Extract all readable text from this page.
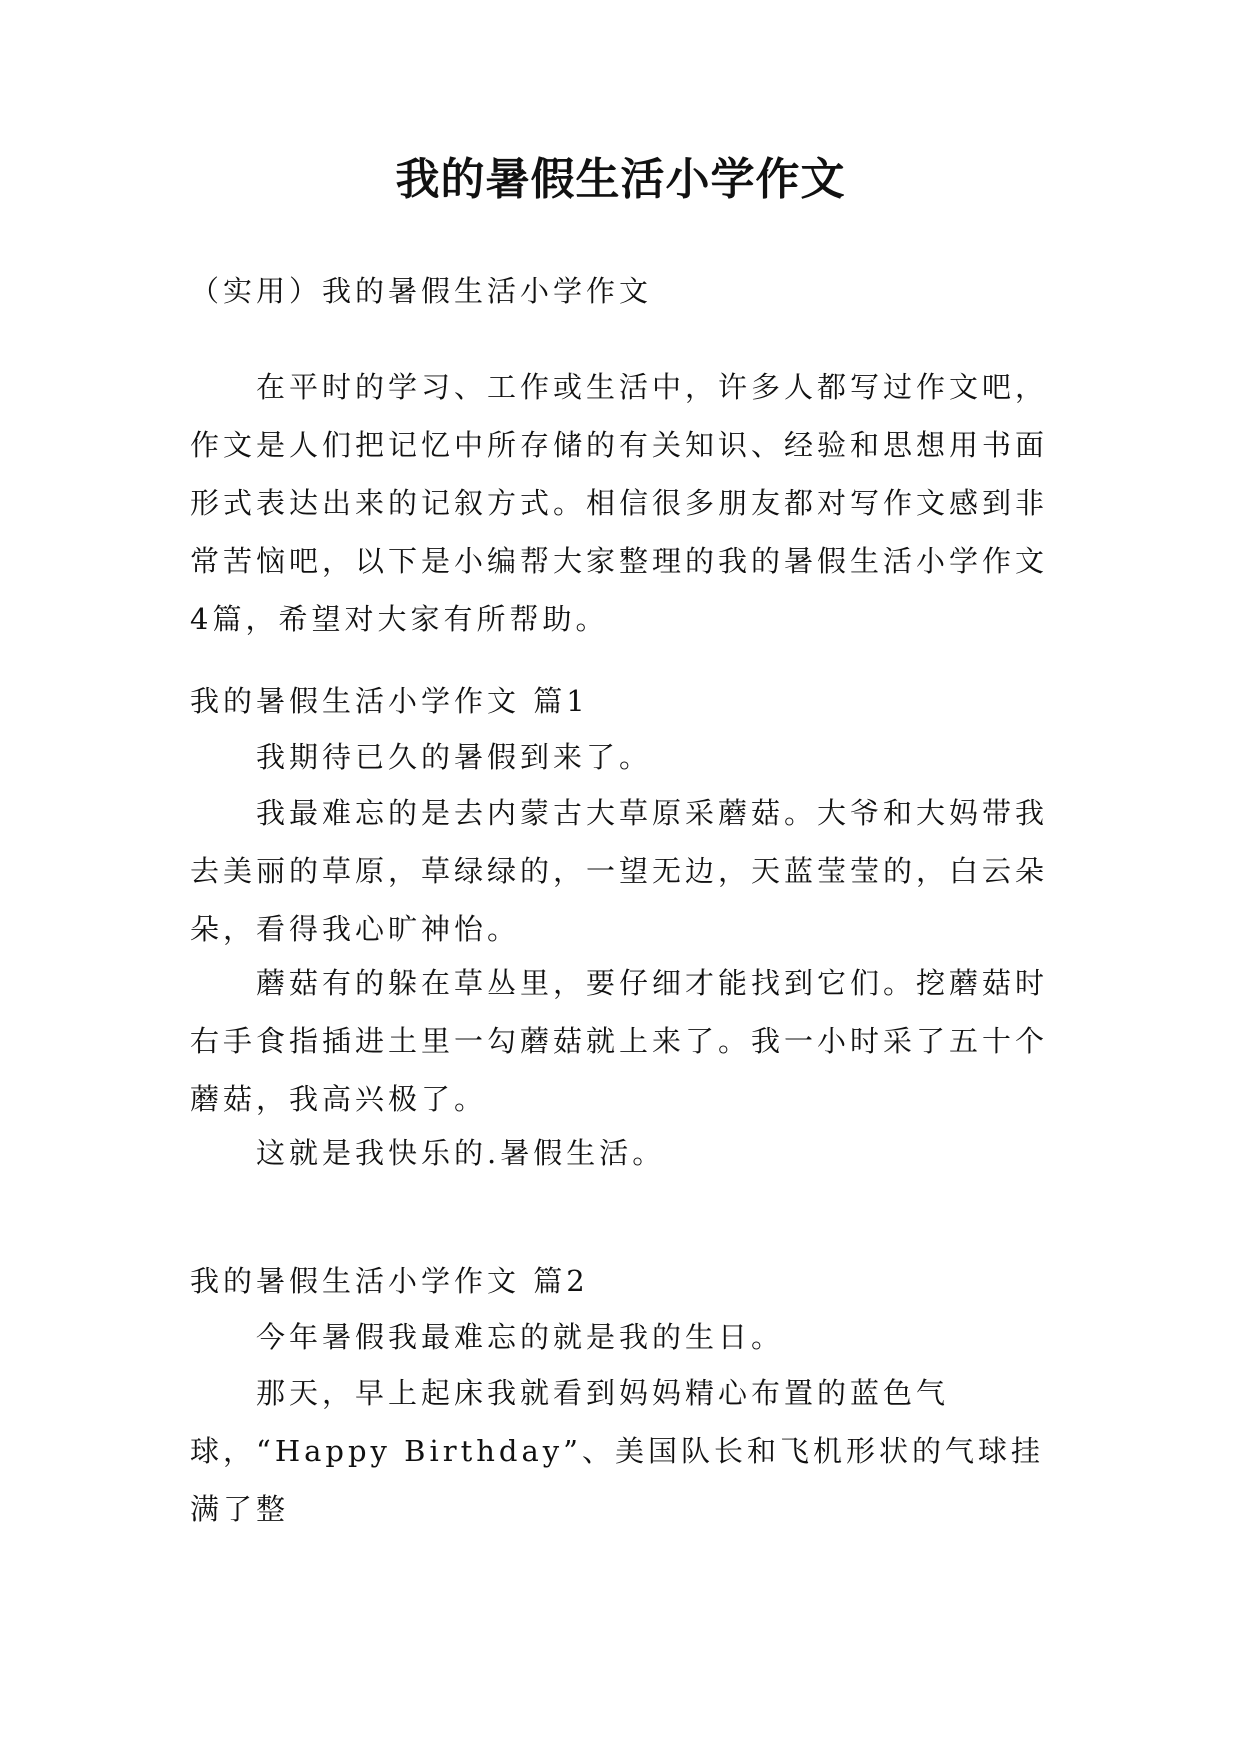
我的暑假生活小学作文

（实用）我的暑假生活小学作文

在平时的学习、工作或生活中，许多人都写过作文吧，作文是人们把记忆中所存储的有关知识、经验和思想用书面形式表达出来的记叙方式。相信很多朋友都对写作文感到非常苦恼吧，以下是小编帮大家整理的我的暑假生活小学作文4篇，希望对大家有所帮助。

我的暑假生活小学作文 篇1

我期待已久的暑假到来了。

我最难忘的是去内蒙古大草原采蘑菇。大爷和大妈带我去美丽的草原，草绿绿的，一望无边，天蓝莹莹的，白云朵朵，看得我心旷神怡。

蘑菇有的躲在草丛里，要仔细才能找到它们。挖蘑菇时右手食指插进土里一勾蘑菇就上来了。我一小时采了五十个蘑菇，我高兴极了。

这就是我快乐的.暑假生活。

我的暑假生活小学作文 篇2

今年暑假我最难忘的就是我的生日。

那天，早上起床我就看到妈妈精心布置的蓝色气球，“Happy Birthday”、美国队长和飞机形状的气球挂满了整
